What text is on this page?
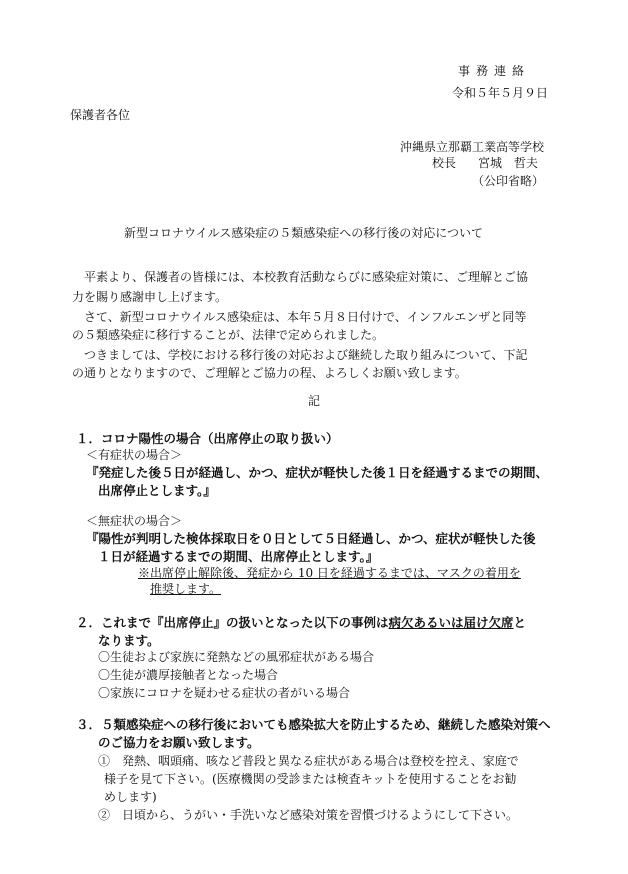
事務連絡
令和５年５月９日
保護者各位
沖縄県立那覇工業高等学校
校長 宮城　哲夫
（公印省略）
新型コロナウイルス感染症の５類感染症への移行後の対応について
　平素より、保護者の皆様には、本校教育活動ならびに感染症対策に、ご理解とご協
力を賜り感謝申し上げます。
　さて、新型コロナウイルス感染症は、本年５月８日付けで、インフルエンザと同等
の５類感染症に移行することが、法律で定められました。
　つきましては、学校における移行後の対応および継続した取り組みについて、下記
の通りとなりますので、ご理解とご協力の程、よろしくお願い致します。
記
１．コロナ陽性の場合（出席停止の取り扱い）
＜有症状の場合＞
『発症した後５日が経過し、かつ、症状が軽快した後１日を経過するまでの期間、
出席停止とします。』
＜無症状の場合＞
『陽性が判明した検体採取日を０日として５日経過し、かつ、症状が軽快した後
１日が経過するまでの期間、出席停止とします。』
※出席停止解除後、発症から 10 日を経過するまでは、マスクの着用を
推奨します。
２．これまで『出席停止』の扱いとなった以下の事例は病欠あるいは届け欠席と
なります。
〇生徒および家族に発熱などの風邪症状がある場合
〇生徒が濃厚接触者となった場合
〇家族にコロナを疑わせる症状の者がいる場合
３．５類感染症への移行後においても感染拡大を防止するため、継続した感染対策へ
のご協力をお願い致します。
①　発熱、咽頭痛、咳など普段と異なる症状がある場合は登校を控え、家庭で
様子を見て下さい。(医療機関の受診または検査キットを使用することをお勧
めします)
②　日頃から、うがい・手洗いなど感染対策を習慣づけるようにして下さい。
